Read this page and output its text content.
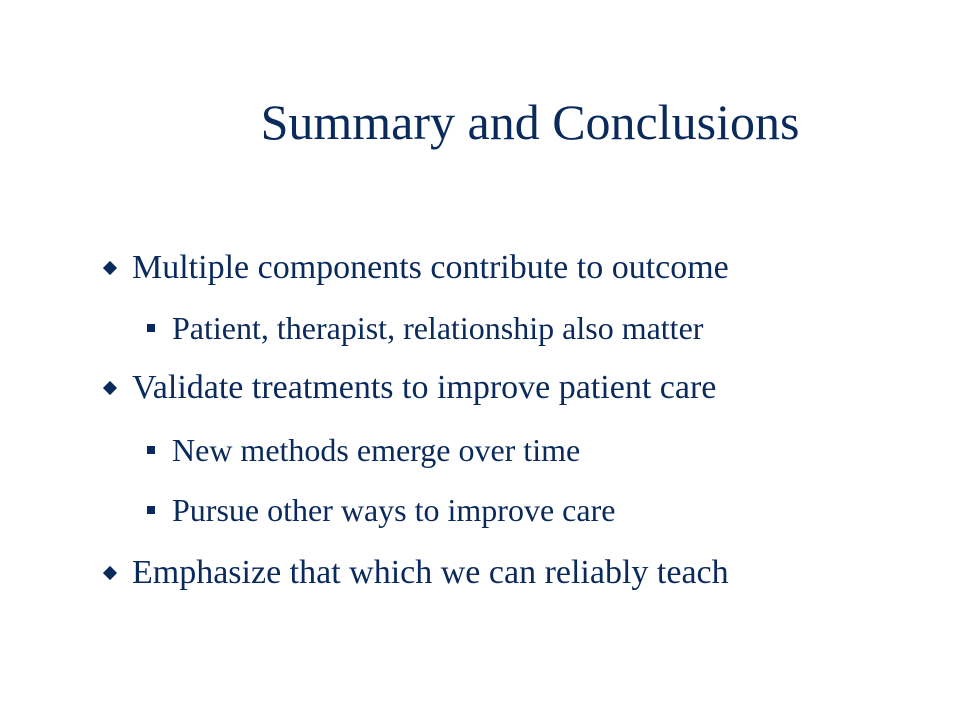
Summary and Conclusions
Multiple components contribute to outcome
Patient, therapist, relationship also matter
Validate treatments to improve patient care
New methods emerge over time
Pursue other ways to improve care
Emphasize that which we can reliably teach
